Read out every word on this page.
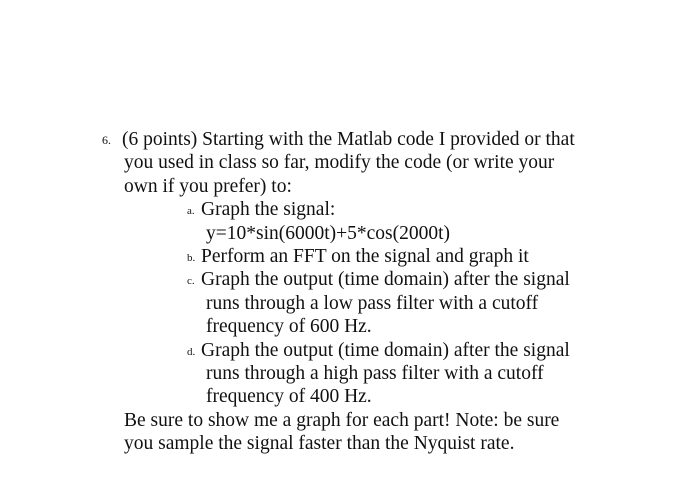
6. (6 points) Starting with the Matlab code I provided or that
you used in class so far, modify the code (or write your
own if you prefer) to:
a. Graph the signal:
y=10*sin(6000t)+5*cos(2000t)
b. Perform an FFT on the signal and graph it
c. Graph the output (time domain) after the signal
runs through a low pass filter with a cutoff
frequency of 600 Hz.
d. Graph the output (time domain) after the signal
runs through a high pass filter with a cutoff
frequency of 400 Hz.
Be sure to show me a graph for each part! Note: be sure
you sample the signal faster than the Nyquist rate.
